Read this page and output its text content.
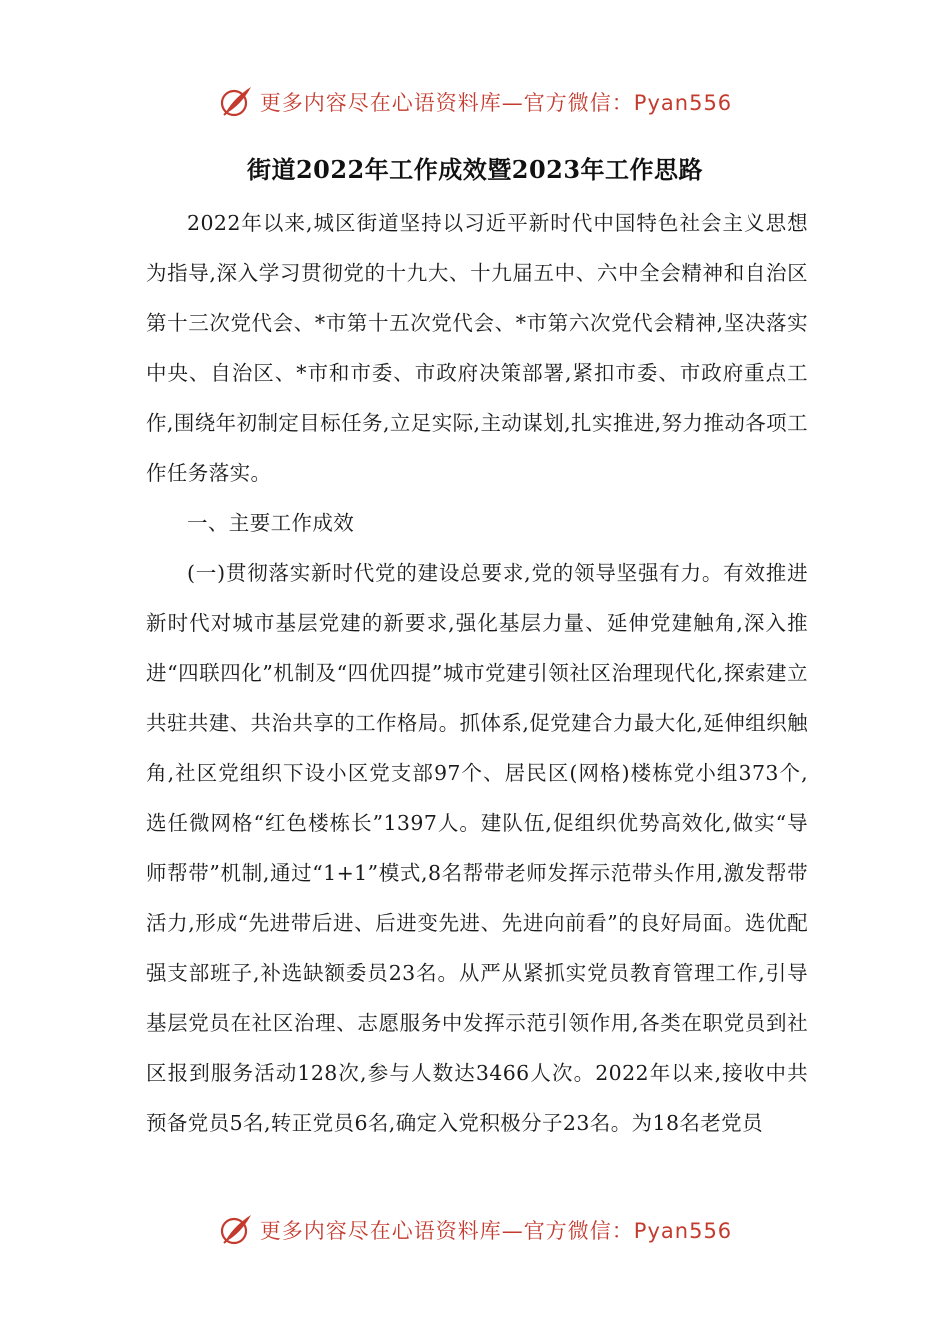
更多内容尽在心语资料库—官方微信：Pyan556
街道2022年工作成效暨2023年工作思路

2022年以来,城区街道坚持以习近平新时代中国特色社会主义思想为指导,深入学习贯彻党的十九大、十九届五中、六中全会精神和自治区第十三次党代会、*市第十五次党代会、*市第六次党代会精神,坚决落实中央、自治区、*市和市委、市政府决策部署,紧扣市委、市政府重点工作,围绕年初制定目标任务,立足实际,主动谋划,扎实推进,努力推动各项工作任务落实。

一、主要工作成效

(一)贯彻落实新时代党的建设总要求,党的领导坚强有力。有效推进新时代对城市基层党建的新要求,强化基层力量、延伸党建触角,深入推进“四联四化”机制及“四优四提”城市党建引领社区治理现代化,探索建立共驻共建、共治共享的工作格局。抓体系,促党建合力最大化,延伸组织触角,社区党组织下设小区党支部97个、居民区(网格)楼栋党小组373个,选任微网格“红色楼栋长”1397人。建队伍,促组织优势高效化,做实“导师帮带”机制,通过“1+1”模式,8名帮带老师发挥示范带头作用,激发帮带活力,形成“先进带后进、后进变先进、先进向前看”的良好局面。选优配强支部班子,补选缺额委员23名。从严从紧抓实党员教育管理工作,引导基层党员在社区治理、志愿服务中发挥示范引领作用,各类在职党员到社区报到服务活动128次,参与人数达3466人次。2022年以来,接收中共预备党员5名,转正党员6名,确定入党积极分子23名。为18名老党员

更多内容尽在心语资料库—官方微信：Pyan556
